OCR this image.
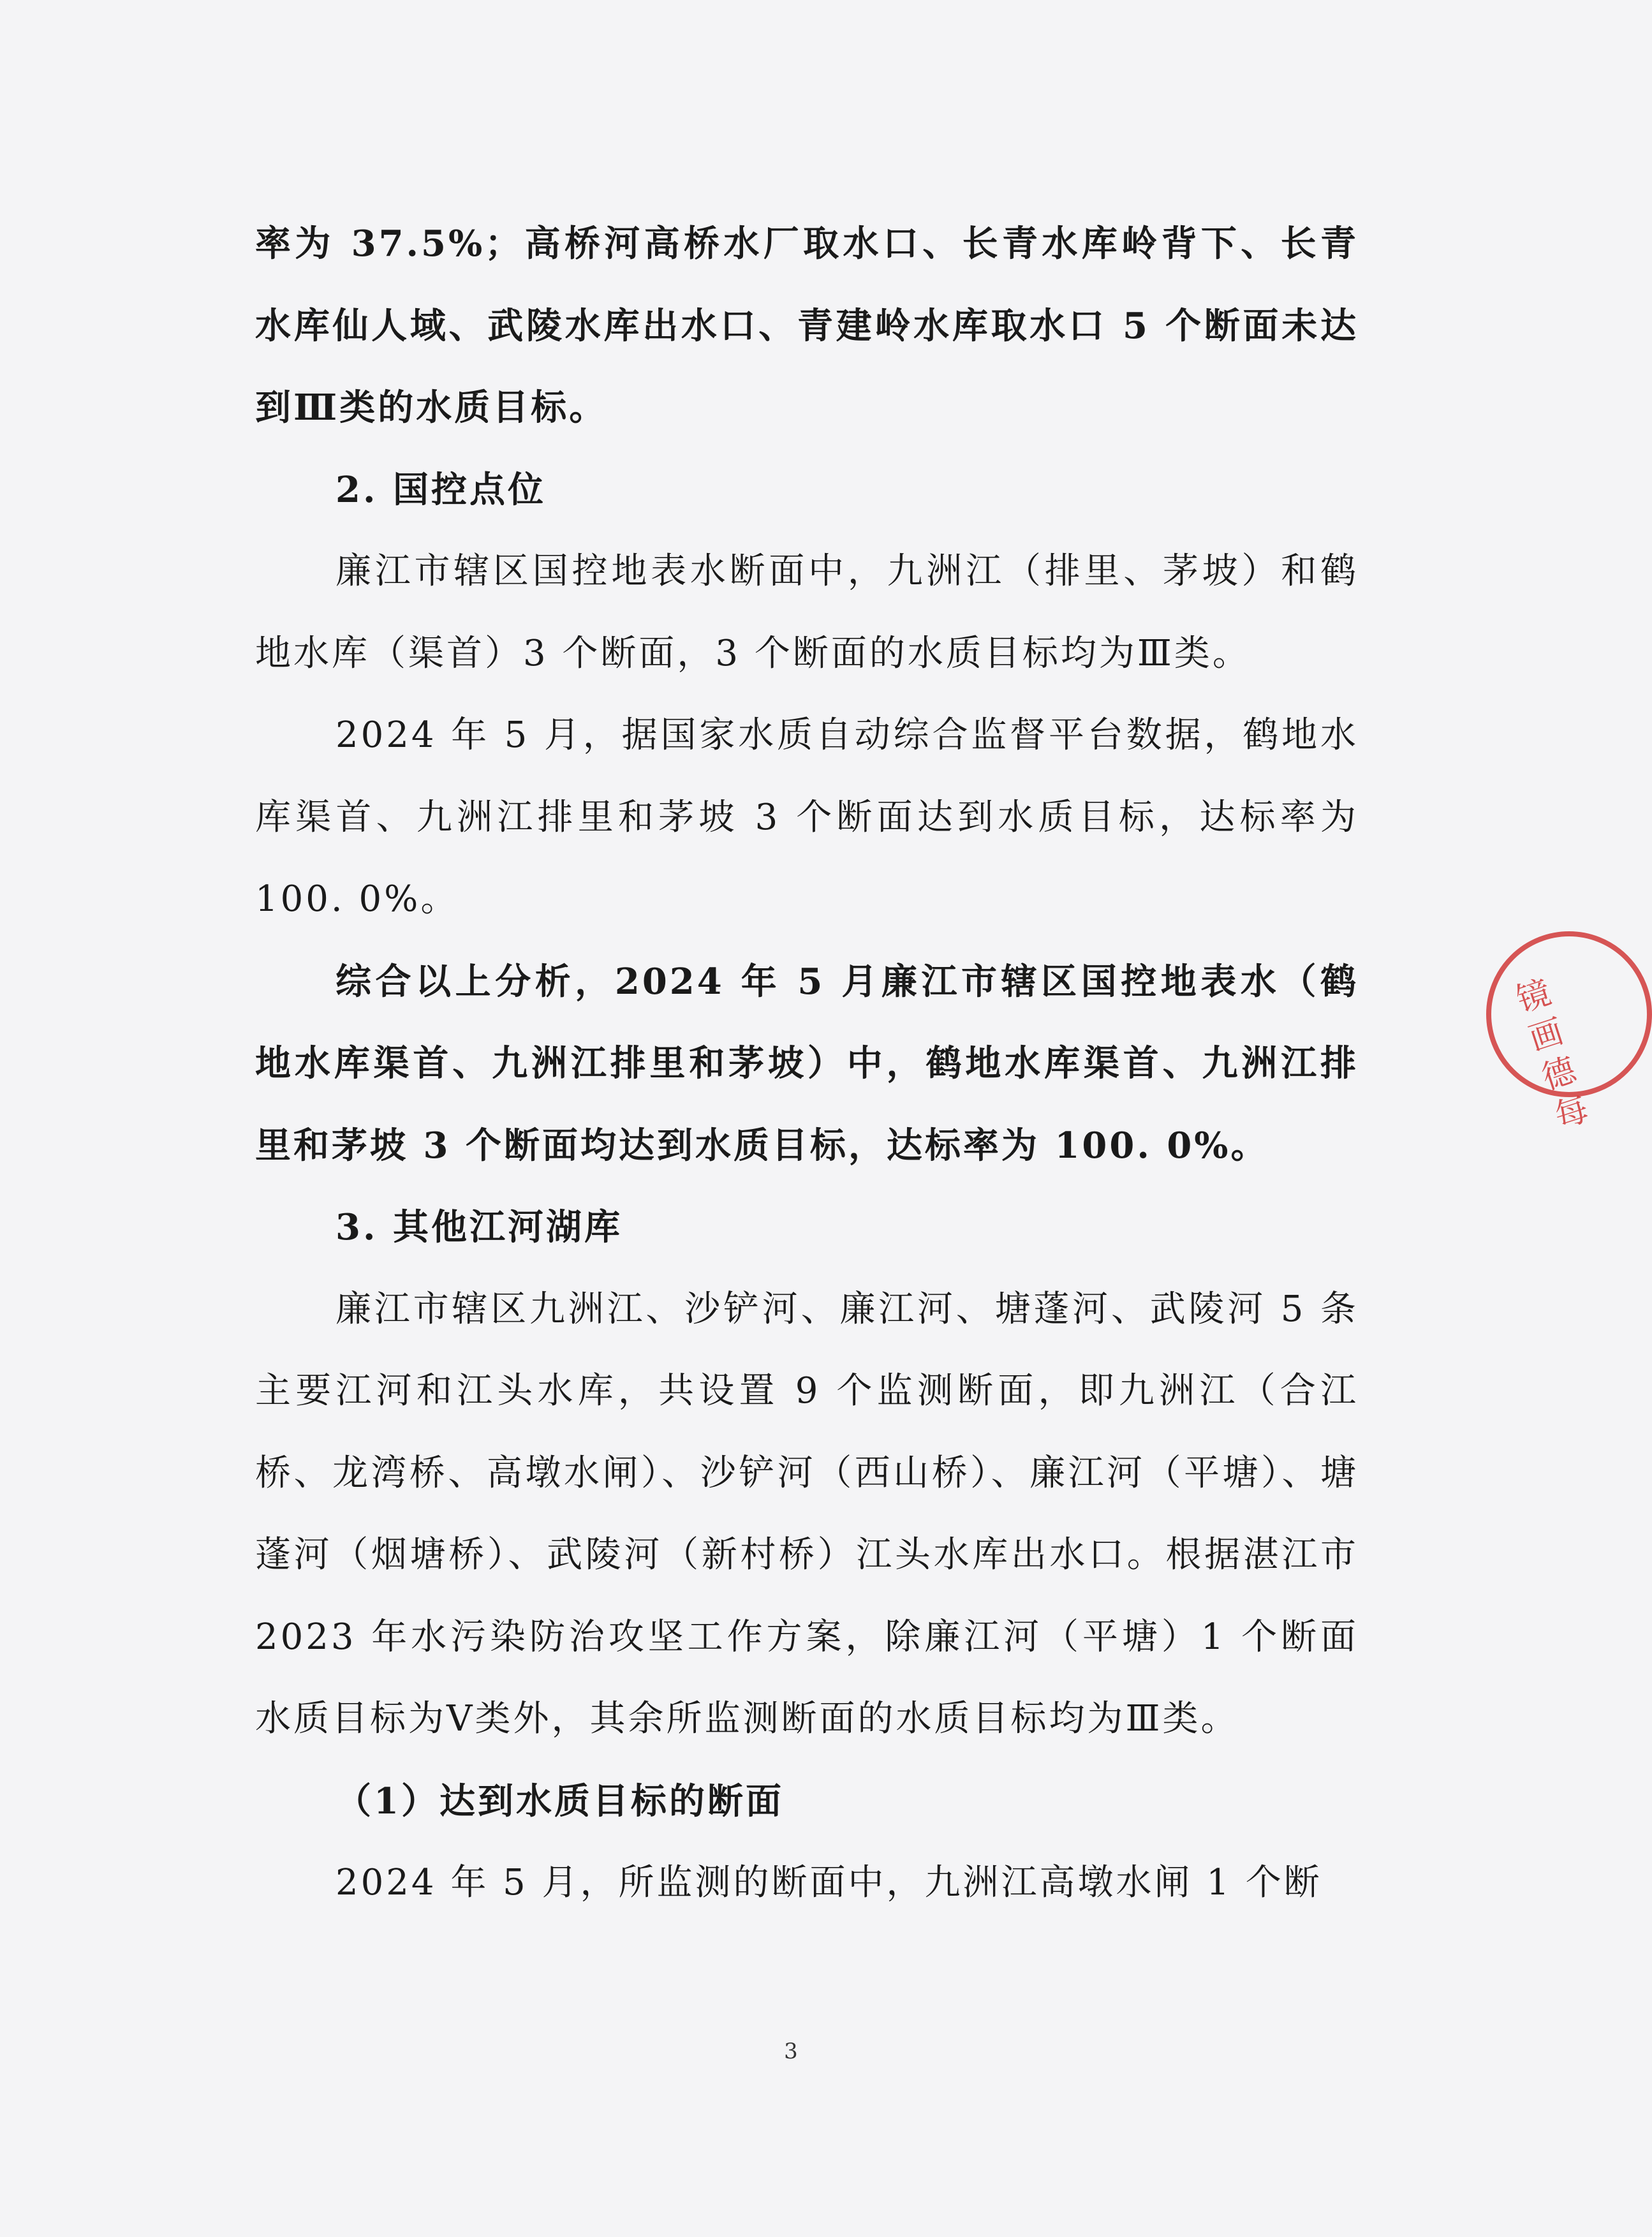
率为 37.5%；高桥河高桥水厂取水口、长青水库岭背下、长青水库仙人域、武陵水库出水口、青建岭水库取水口 5 个断面未达到Ⅲ类的水质目标。

2. 国控点位

廉江市辖区国控地表水断面中，九洲江（排里、茅坡）和鹤地水库（渠首）3 个断面，3 个断面的水质目标均为Ⅲ类。

2024 年 5 月，据国家水质自动综合监督平台数据，鹤地水库渠首、九洲江排里和茅坡 3 个断面达到水质目标，达标率为 100. 0%。

综合以上分析，2024 年 5 月廉江市辖区国控地表水（鹤地水库渠首、九洲江排里和茅坡）中，鹤地水库渠首、九洲江排里和茅坡 3 个断面均达到水质目标，达标率为 100. 0%。

3. 其他江河湖库

廉江市辖区九洲江、沙铲河、廉江河、塘蓬河、武陵河 5 条主要江河和江头水库，共设置 9 个监测断面，即九洲江（合江桥、龙湾桥、高墩水闸）、沙铲河（西山桥）、廉江河（平塘）、塘蓬河（烟塘桥）、武陵河（新村桥）江头水库出水口。根据湛江市 2023 年水污染防治攻坚工作方案，除廉江河（平塘）1 个断面水质目标为Ⅴ类外，其余所监测断面的水质目标均为Ⅲ类。

（1）达到水质目标的断面

2024 年 5 月，所监测的断面中，九洲江高墩水闸 1 个断

3
镜 画 德 每
